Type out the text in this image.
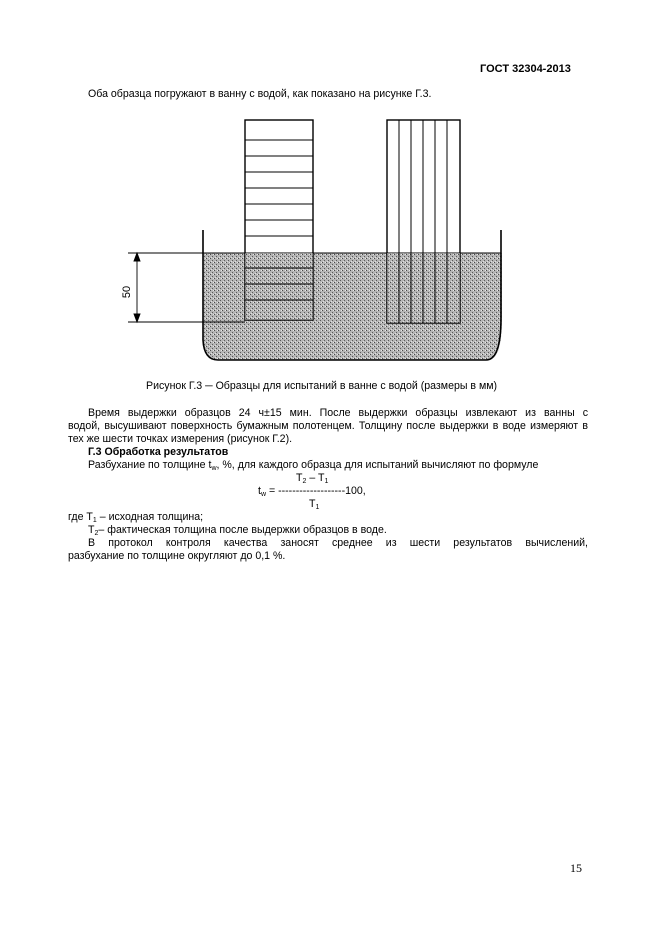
ГОСТ 32304-2013
Оба образца погружают в ванну с водой, как показано на рисунке Г.3.
50
Рисунок Г.3 ─ Образцы для испытаний в ванне с водой (размеры в мм)
Время выдержки образцов 24 ч±15 мин. После выдержки образцы извлекают из ванны с
водой, высушивают поверхность бумажным полотенцем. Толщину после выдержки в воде измеряют в
тех же шести точках измерения (рисунок Г.2).
Г.3 Обработка результатов
Разбухание по толщине $t_w$, %, для каждого образца для испытаний вычисляют по формуле
$T_2 - T_1$
$t_w = -------------------100$,
$T_1$
где $T_1$ – исходная толщина;
$T_2-$ фактическая толщина после выдержки образцов в воде.
В протокол контроля качества заносят среднее из шести результатов вычислений,
разбухание по толщине округляют до 0,1 %.
15
